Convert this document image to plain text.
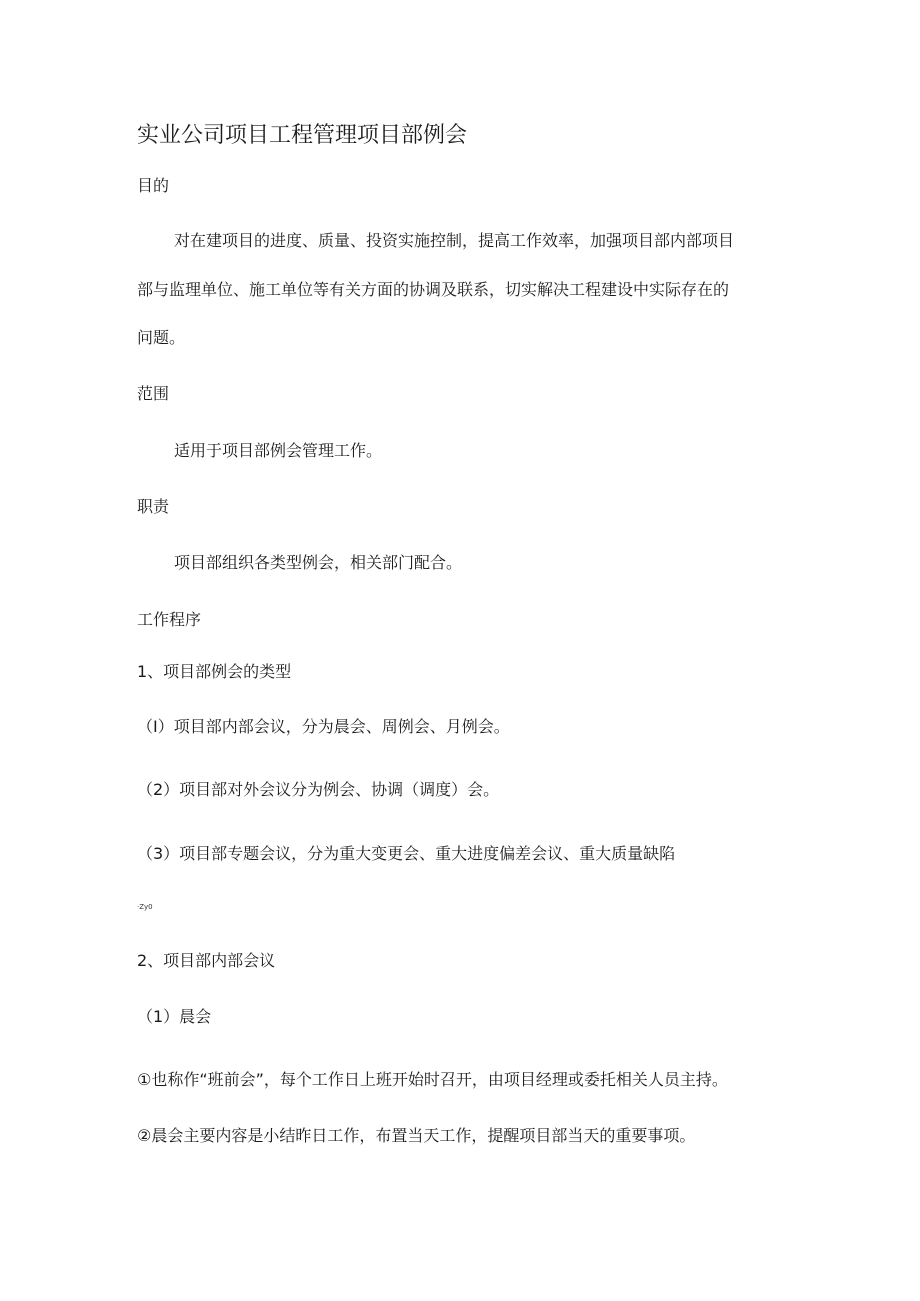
实业公司项目工程管理项目部例会

目的

对在建项目的进度、质量、投资实施控制，提高工作效率，加强项目部内部项目

部与监理单位、施工单位等有关方面的协调及联系，切实解决工程建设中实际存在的

问题。

范围

适用于项目部例会管理工作。

职责

项目部组织各类型例会，相关部门配合。

工作程序

1、项目部例会的类型

（I）项目部内部会议，分为晨会、周例会、月例会。

（2）项目部对外会议分为例会、协调（调度）会。

（3）项目部专题会议，分为重大变更会、重大进度偏差会议、重大质量缺陷

·Zy0

2、项目部内部会议

（1）晨会

①也称作“班前会”，每个工作日上班开始时召开，由项目经理或委托相关人员主持。

②晨会主要内容是小结昨日工作，布置当天工作，提醒项目部当天的重要事项。
